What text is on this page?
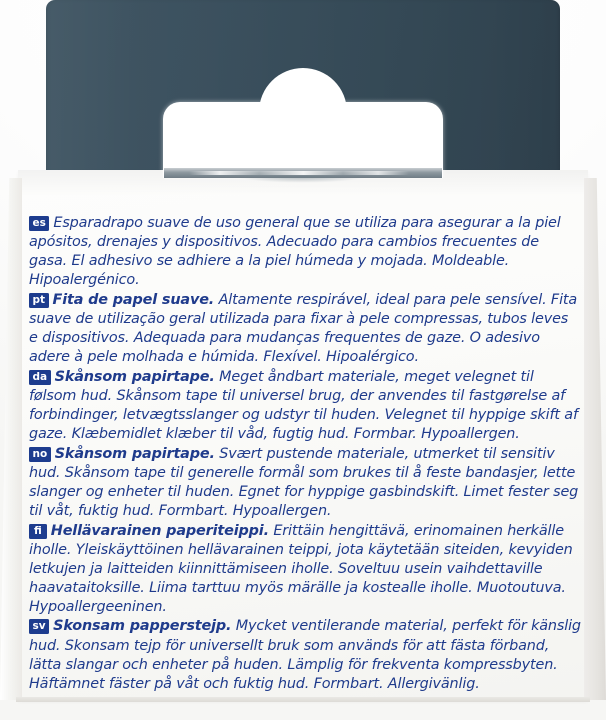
es Esparadrapo suave de uso general que se utiliza para asegurar a la piel apósitos, drenajes y dispositivos. Adecuado para cambios frecuentes de gasa. El adhesivo se adhiere a la piel húmeda y mojada. Moldeable. Hipoalergénico.

pt Fita de papel suave. Altamente respirável, ideal para pele sensível. Fita suave de utilização geral utilizada para fixar à pele compressas, tubos leves e dispositivos. Adequada para mudanças frequentes de gaze. O adesivo adere à pele molhada e húmida. Flexível. Hipoalérgico.

da Skånsom papirtape. Meget åndbart materiale, meget velegnet til følsom hud. Skånsom tape til universel brug, der anvendes til fastgørelse af forbindinger, letvægtsslanger og udstyr til huden. Velegnet til hyppige skift af gaze. Klæbemidlet klæber til våd, fugtig hud. Formbar. Hypoallergen.

no Skånsom papirtape. Svært pustende materiale, utmerket til sensitiv hud. Skånsom tape til generelle formål som brukes til å feste bandasjer, lette slanger og enheter til huden. Egnet for hyppige gasbindskift. Limet fester seg til våt, fuktig hud. Formbart. Hypoallergen.

fi Hellävarainen paperiteippi. Erittäin hengittävä, erinomainen herkälle iholle. Yleiskäyttöinen hellävarainen teippi, jota käytetään siteiden, kevyiden letkujen ja laitteiden kiinnittämiseen iholle. Soveltuu usein vaihdettaville haavataitoksille. Liima tarttuu myös märälle ja kostealle iholle. Muotoutuva. Hypoallergeeninen.

sv Skonsam papperstejp. Mycket ventilerande material, perfekt för känslig hud. Skonsam tejp för universellt bruk som används för att fästa förband, lätta slangar och enheter på huden. Lämplig för frekventa kompressbyten. Häftämnet fäster på våt och fuktig hud. Formbart. Allergivänlig.
